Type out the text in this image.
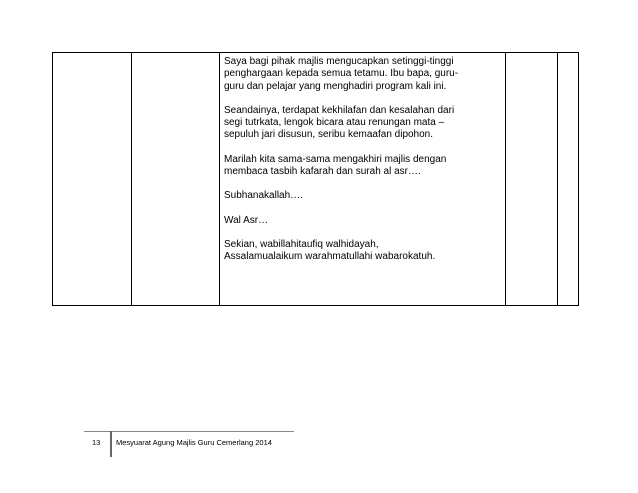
Saya bagi pihak majlis mengucapkan setinggi-tinggi
penghargaan kepada semua tetamu. Ibu bapa, guru-
guru dan pelajar yang menghadiri program kali ini.

Seandainya, terdapat kekhilafan dan kesalahan dari
segi tutrkata, lengok bicara atau renungan mata –
sepuluh jari disusun, seribu kemaafan dipohon.

Marilah kita sama-sama mengakhiri majlis dengan
membaca tasbih kafarah dan surah al asr….

Subhanakallah….

Wal Asr…

Sekian, wabillahitaufiq walhidayah,
Assalamualaikum warahmatullahi wabarokatuh.

13 Mesyuarat Agung Majlis Guru Cemerlang 2014
